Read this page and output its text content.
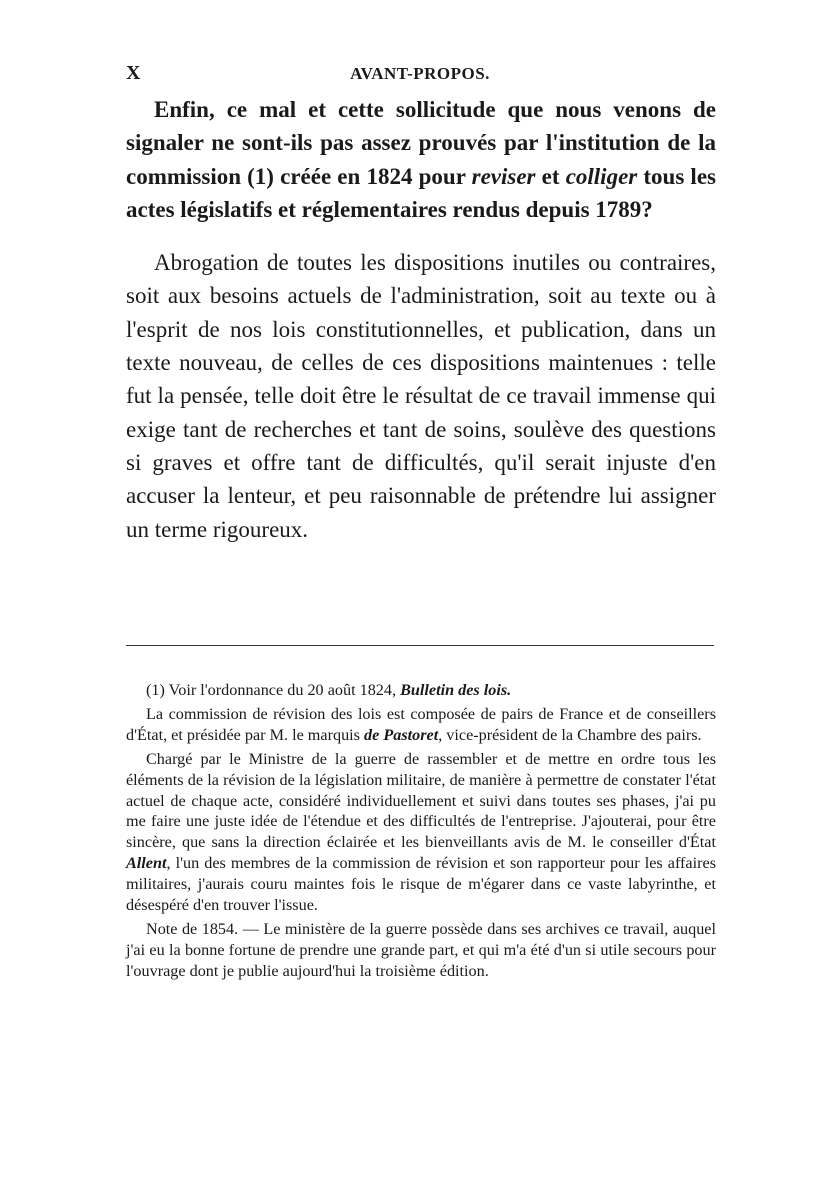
X	AVANT-PROPOS.

Enfin, ce mal et cette sollicitude que nous venons de signaler ne sont-ils pas assez prouvés par l'institution de la commission (1) créée en 1824 pour reviser et colliger tous les actes législatifs et réglementaires rendus depuis 1789?

Abrogation de toutes les dispositions inutiles ou contraires, soit aux besoins actuels de l'administration, soit au texte ou à l'esprit de nos lois constitutionnelles, et publication, dans un texte nouveau, de celles de ces dispositions maintenues : telle fut la pensée, telle doit être le résultat de ce travail immense qui exige tant de recherches et tant de soins, soulève des questions si graves et offre tant de difficultés, qu'il serait injuste d'en accuser la lenteur, et peu raisonnable de prétendre lui assigner un terme rigoureux.

(1) Voir l'ordonnance du 20 août 1824, Bulletin des lois.

La commission de révision des lois est composée de pairs de France et de conseillers d'État, et présidée par M. le marquis de Pastoret, vice-président de la Chambre des pairs.

Chargé par le Ministre de la guerre de rassembler et de mettre en ordre tous les éléments de la révision de la législation militaire, de manière à permettre de constater l'état actuel de chaque acte, considéré individuellement et suivi dans toutes ses phases, j'ai pu me faire une juste idée de l'étendue et des difficultés de l'entreprise. J'ajouterai, pour être sincère, que sans la direction éclairée et les bienveillants avis de M. le conseiller d'État Allent, l'un des membres de la commission de révision et son rapporteur pour les affaires militaires, j'aurais couru maintes fois le risque de m'égarer dans ce vaste labyrinthe, et désespéré d'en trouver l'issue.

Note de 1854. — Le ministère de la guerre possède dans ses archives ce travail, auquel j'ai eu la bonne fortune de prendre une grande part, et qui m'a été d'un si utile secours pour l'ouvrage dont je publie aujourd'hui la troisième édition.
